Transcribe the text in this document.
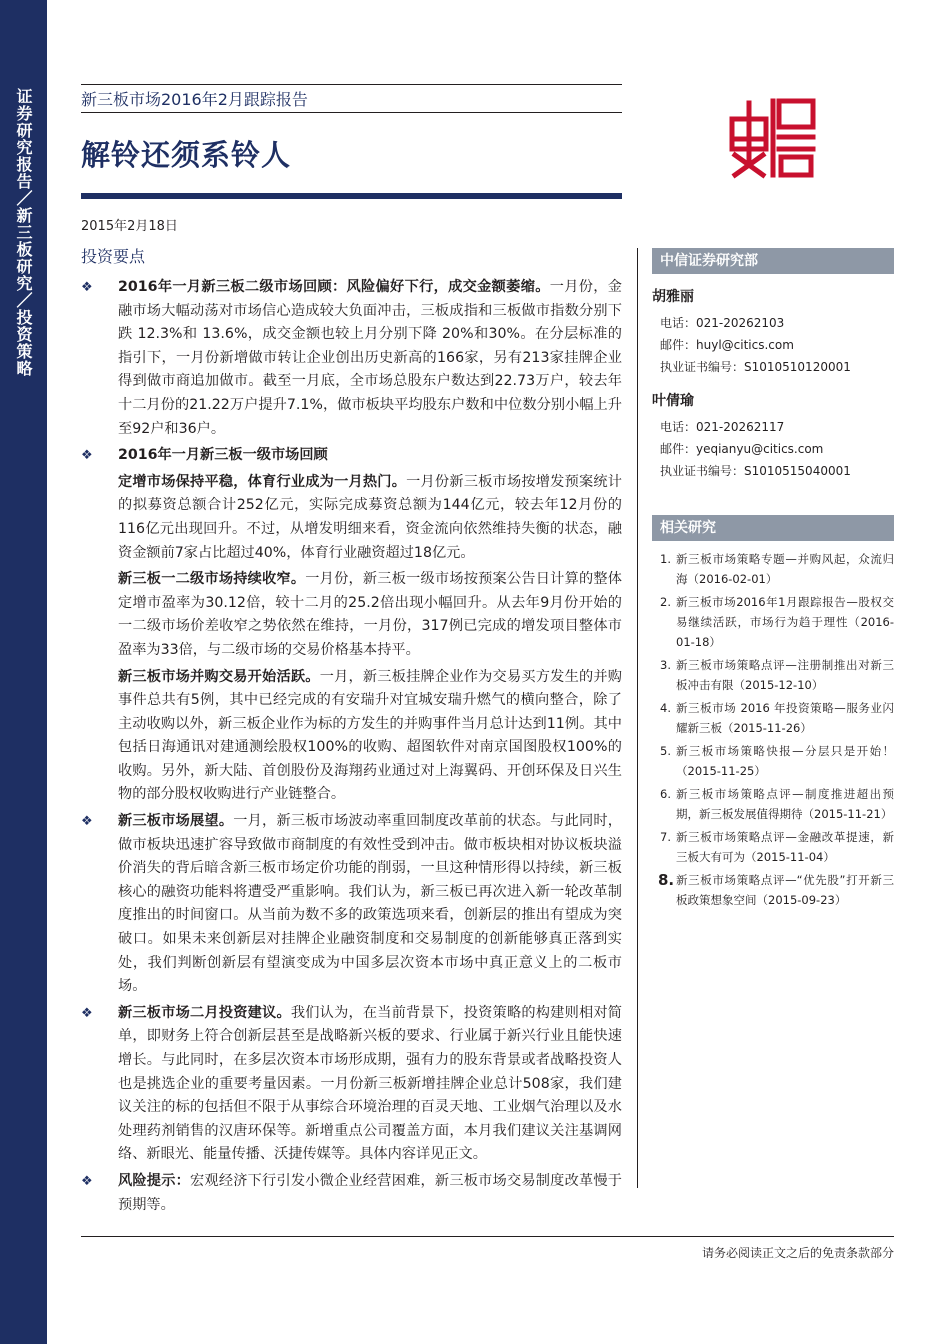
证券研究报告／新三板研究／投资策略
新三板市场2016年2月跟踪报告
解铃还须系铃人
2015年2月18日
投资要点
❖	2016年一月新三板二级市场回顾：风险偏好下行，成交金额萎缩。一月份，金融市场大幅动荡对市场信心造成较大负面冲击，三板成指和三板做市指数分别下跌 12.3%和 13.6%，成交金额也较上月分别下降 20%和30%。在分层标准的指引下，一月份新增做市转让企业创出历史新高的166家，另有213家挂牌企业得到做市商追加做市。截至一月底，全市场总股东户数达到22.73万户，较去年十二月份的21.22万户提升7.1%，做市板块平均股东户数和中位数分别小幅上升至92户和36户。
❖	2016年一月新三板一级市场回顾
定增市场保持平稳，体育行业成为一月热门。一月份新三板市场按增发预案统计的拟募资总额合计252亿元，实际完成募资总额为144亿元，较去年12月份的116亿元出现回升。不过，从增发明细来看，资金流向依然维持失衡的状态，融资金额前7家占比超过40%，体育行业融资超过18亿元。
新三板一二级市场持续收窄。一月份，新三板一级市场按预案公告日计算的整体定增市盈率为30.12倍，较十二月的25.2倍出现小幅回升。从去年9月份开始的一二级市场价差收窄之势依然在维持，一月份，317例已完成的增发项目整体市盈率为33倍，与二级市场的交易价格基本持平。
新三板市场并购交易开始活跃。一月，新三板挂牌企业作为交易买方发生的并购事件总共有5例，其中已经完成的有安瑞升对宜城安瑞升燃气的横向整合，除了主动收购以外，新三板企业作为标的方发生的并购事件当月总计达到11例。其中包括日海通讯对建通测绘股权100%的收购、超图软件对南京国图股权100%的收购。另外，新大陆、首创股份及海翔药业通过对上海翼码、开创环保及日兴生物的部分股权收购进行产业链整合。
❖	新三板市场展望。一月，新三板市场波动率重回制度改革前的状态。与此同时，做市板块迅速扩容导致做市商制度的有效性受到冲击。做市板块相对协议板块溢价消失的背后暗含新三板市场定价功能的削弱，一旦这种情形得以持续，新三板核心的融资功能料将遭受严重影响。我们认为，新三板已再次进入新一轮改革制度推出的时间窗口。从当前为数不多的政策选项来看，创新层的推出有望成为突破口。如果未来创新层对挂牌企业融资制度和交易制度的创新能够真正落到实处，我们判断创新层有望演变成为中国多层次资本市场中真正意义上的二板市场。
❖	新三板市场二月投资建议。我们认为，在当前背景下，投资策略的构建则相对简单，即财务上符合创新层甚至是战略新兴板的要求、行业属于新兴行业且能快速增长。与此同时，在多层次资本市场形成期，强有力的股东背景或者战略投资人也是挑选企业的重要考量因素。一月份新三板新增挂牌企业总计508家，我们建议关注的标的包括但不限于从事综合环境治理的百灵天地、工业烟气治理以及水处理药剂销售的汉唐环保等。新增重点公司覆盖方面，本月我们建议关注基调网络、新眼光、能量传播、沃捷传媒等。具体内容详见正文。
❖	风险提示：宏观经济下行引发小微企业经营困难，新三板市场交易制度改革慢于预期等。
中信证券研究部
胡雅丽
电话：021-20262103
邮件：huyl@citics.com
执业证书编号：S1010510120001
叶倩瑜
电话：021-20262117
邮件：yeqianyu@citics.com
执业证书编号：S1010515040001
相关研究
1. 新三板市场策略专题—并购风起，众流归海（2016-02-01）
2. 新三板市场2016年1月跟踪报告—股权交易继续活跃，市场行为趋于理性（2016-01-18）
3. 新三板市场策略点评—注册制推出对新三板冲击有限（2015-12-10）
4. 新三板市场 2016 年投资策略—服务业闪耀新三板（2015-11-26）
5. 新三板市场策略快报—分层只是开始！（2015-11-25）
6. 新三板市场策略点评—制度推进超出预期，新三板发展值得期待（2015-11-21）
7. 新三板市场策略点评—金融改革提速，新三板大有可为（2015-11-04）
8. 新三板市场策略点评—“优先股”打开新三板政策想象空间（2015-09-23）
请务必阅读正文之后的免责条款部分
